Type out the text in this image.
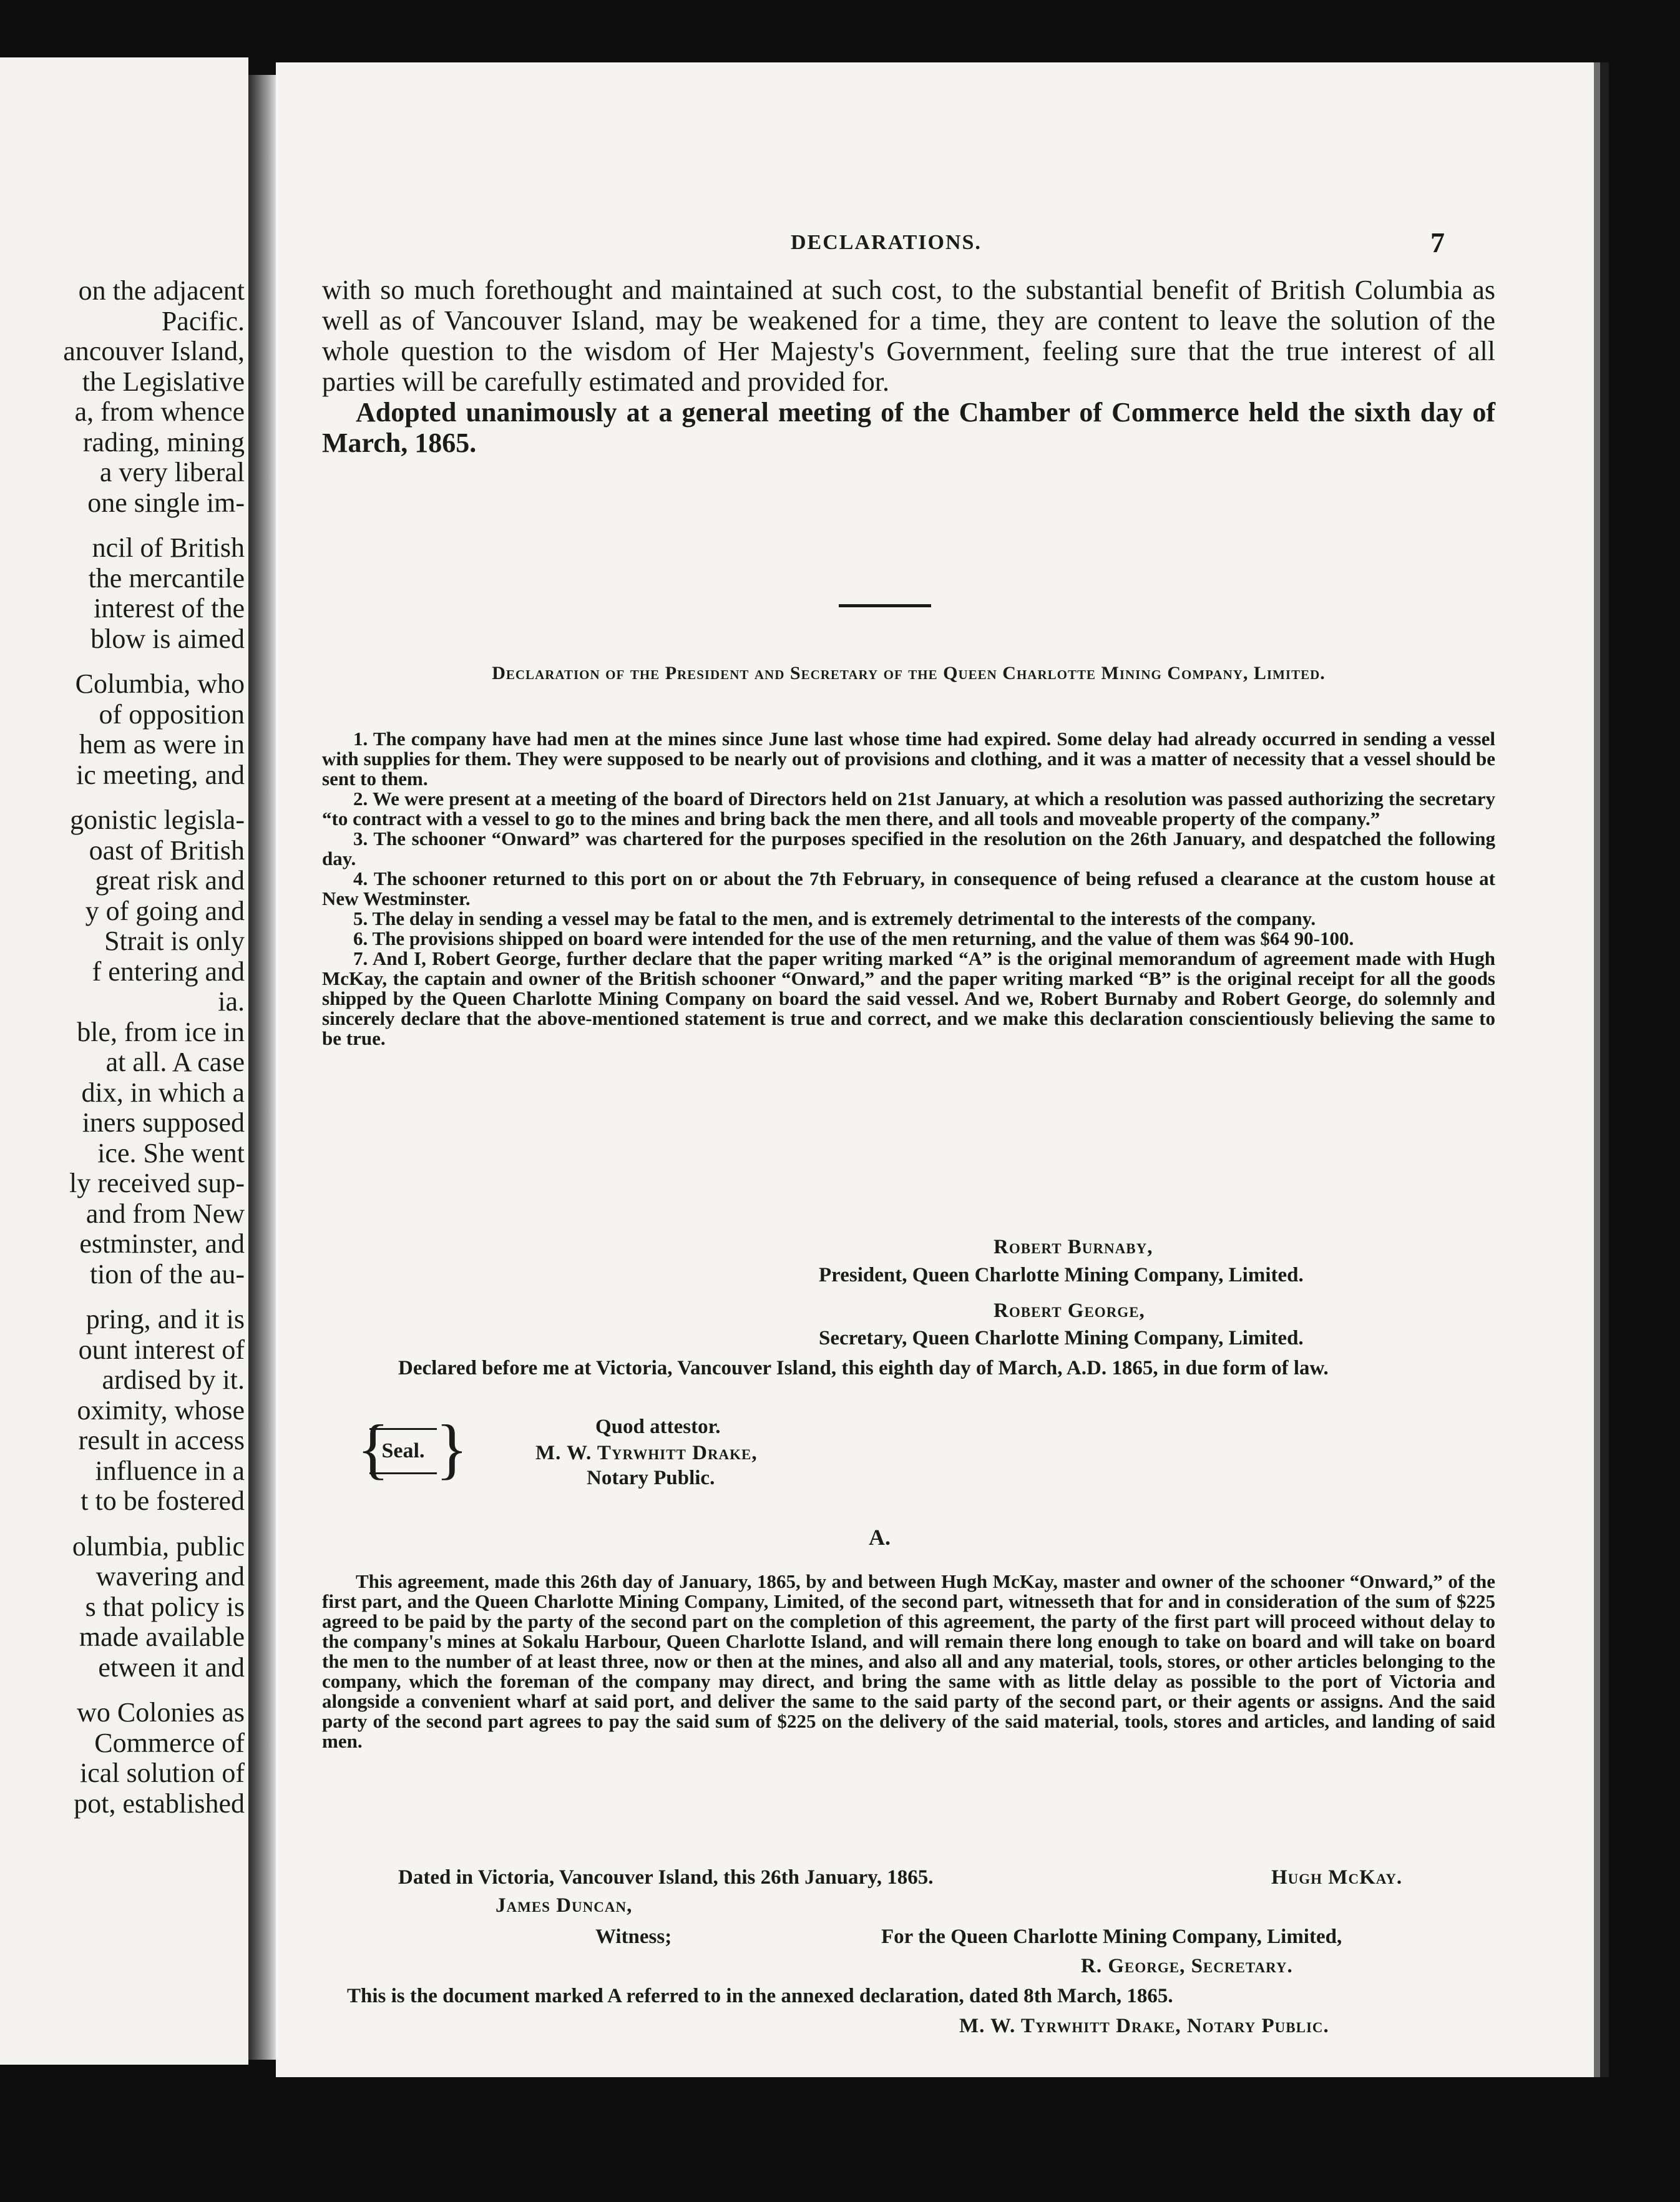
on the adjacent
Pacific.
ancouver Island,
the Legislative
a, from whence
rading, mining
a very liberal
one single im-
ncil of British
the mercantile
interest of the
blow is aimed
Columbia, who
of opposition
hem as were in
ic meeting, and
gonistic legisla-
oast of British
great risk and
y of going and
Strait is only
f entering and
ia.
ble, from ice in
at all. A case
dix, in which a
iners supposed
ice. She went
ly received sup-
and from New
estminster, and
tion of the au-
pring, and it is
ount interest of
ardised by it.
oximity, whose
result in access
influence in a
t to be fostered
olumbia, public
wavering and
s that policy is
made available
etween it and
wo Colonies as
Commerce of
ical solution of
pot, established
DECLARATIONS.	7

with so much forethought and maintained at such cost, to the substantial benefit of British Columbia as well as of Vancouver Island, may be weakened for a time, they are content to leave the solution of the whole question to the wisdom of Her Majesty's Government, feeling sure that the true interest of all parties will be carefully estimated and provided for.

Adopted unanimously at a general meeting of the Chamber of Commerce held the sixth day of March, 1865.

Declaration of the President and Secretary of the Queen Charlotte Mining Company, Limited.

1. The company have had men at the mines since June last whose time had expired. Some delay had already occurred in sending a vessel with supplies for them. They were supposed to be nearly out of provisions and clothing, and it was a matter of necessity that a vessel should be sent to them.

2. We were present at a meeting of the board of Directors held on 21st January, at which a resolution was passed authorizing the secretary “to contract with a vessel to go to the mines and bring back the men there, and all tools and moveable property of the company.”

3. The schooner “Onward” was chartered for the purposes specified in the resolution on the 26th January, and despatched the following day.

4. The schooner returned to this port on or about the 7th February, in consequence of being refused a clearance at the custom house at New Westminster.

5. The delay in sending a vessel may be fatal to the men, and is extremely detrimental to the interests of the company.

6. The provisions shipped on board were intended for the use of the men returning, and the value of them was $64 90-100.

7. And I, Robert George, further declare that the paper writing marked “A” is the original memorandum of agreement made with Hugh McKay, the captain and owner of the British schooner “Onward,” and the paper writing marked “B” is the original receipt for all the goods shipped by the Queen Charlotte Mining Company on board the said vessel. And we, Robert Burnaby and Robert George, do solemnly and sincerely declare that the above-mentioned statement is true and correct, and we make this declaration conscientiously believing the same to be true.

Robert Burnaby,
President, Queen Charlotte Mining Company, Limited.
Robert George,
Secretary, Queen Charlotte Mining Company, Limited.
Declared before me at Victoria, Vancouver Island, this eighth day of March, A.D. 1865, in due form of law.
{
Seal. }	Quod attestor.
M. W. Tyrwhitt Drake,
Notary Public.
A.

This agreement, made this 26th day of January, 1865, by and between Hugh McKay, master and owner of the schooner “Onward,” of the first part, and the Queen Charlotte Mining Company, Limited, of the second part, witnesseth that for and in consideration of the sum of $225 agreed to be paid by the party of the second part on the completion of this agreement, the party of the first part will proceed without delay to the company's mines at Sokalu Harbour, Queen Charlotte Island, and will remain there long enough to take on board and will take on board the men to the number of at least three, now or then at the mines, and also all and any material, tools, stores, or other articles belonging to the company, which the foreman of the company may direct, and bring the same with as little delay as possible to the port of Victoria and alongside a convenient wharf at said port, and deliver the same to the said party of the second part, or their agents or assigns. And the said party of the second part agrees to pay the said sum of $225 on the delivery of the said material, tools, stores and articles, and landing of said men.

Dated in Victoria, Vancouver Island, this 26th January, 1865.	Hugh McKay.
James Duncan,
Witness;	For the Queen Charlotte Mining Company, Limited,
R. George, Secretary.
This is the document marked A referred to in the annexed declaration, dated 8th March, 1865.
M. W. Tyrwhitt Drake, Notary Public.
